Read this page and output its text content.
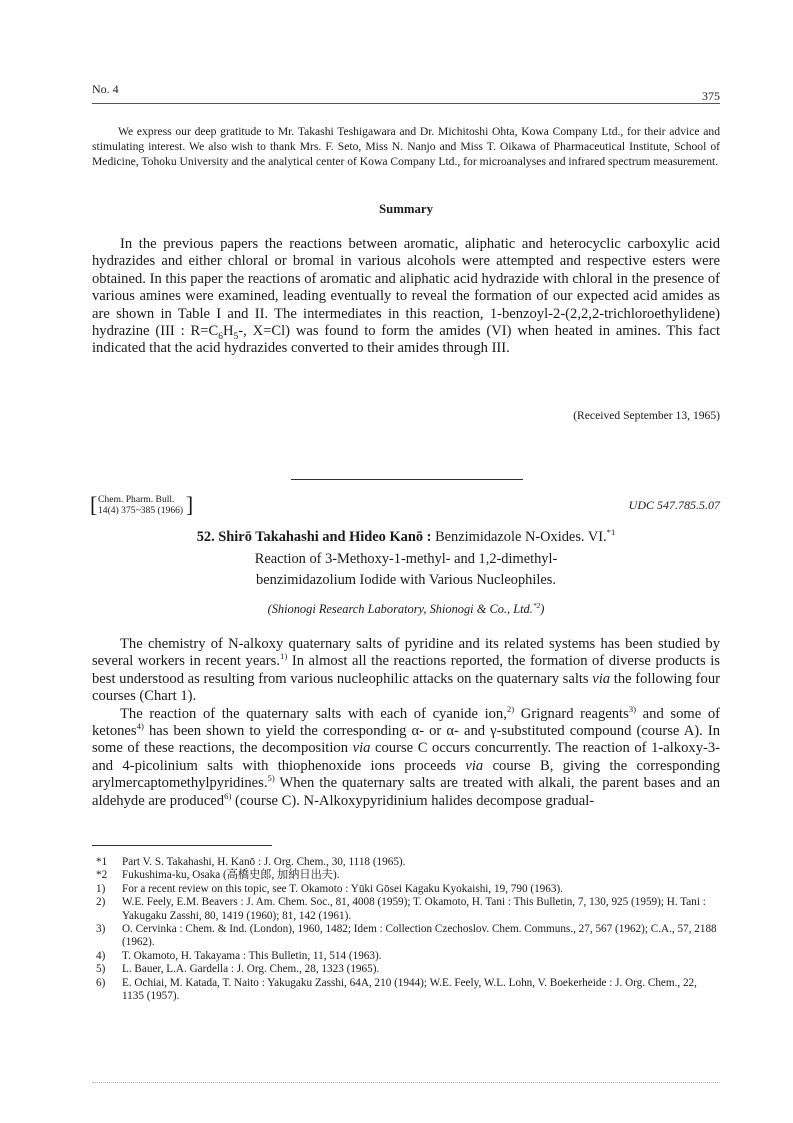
No. 4	375
We express our deep gratitude to Mr. Takashi Teshigawara and Dr. Michitoshi Ohta, Kowa Company Ltd., for their advice and stimulating interest. We also wish to thank Mrs. F. Seto, Miss N. Nanjo and Miss T. Oikawa of Pharmaceutical Institute, School of Medicine, Tohoku University and the analytical center of Kowa Company Ltd., for microanalyses and infrared spectrum measurement.
Summary
In the previous papers the reactions between aromatic, aliphatic and heterocyclic carboxylic acid hydrazides and either chloral or bromal in various alcohols were attempted and respective esters were obtained. In this paper the reactions of aromatic and aliphatic acid hydrazide with chloral in the presence of various amines were examined, leading eventually to reveal the formation of our expected acid amides as are shown in Table I and II. The intermediates in this reaction, 1-benzoyl-2-(2,2,2-trichloroethylidene) hydrazine (III : $R=C_6H_5-$, X=Cl) was found to form the amides (VI) when heated in amines. This fact indicated that the acid hydrazides converted to their amides through III.
(Received September 13, 1965)
[ Chem. Pharm. Bull.
14(4) 375~385 (1966) ]	UDC 547.785.5.07
52. Shirō Takahashi and Hideo Kanō : Benzimidazole N-Oxides. VI.$^{*1}$
Reaction of 3-Methoxy-1-methyl- and 1,2-dimethyl-
benzimidazolium Iodide with Various Nucleophiles.
(Shionogi Research Laboratory, Shionogi & Co., Ltd.$^{*2}$)

The chemistry of N-alkoxy quaternary salts of pyridine and its related systems has been studied by several workers in recent years.$^{1)}$ In almost all the reactions reported, the formation of diverse products is best understood as resulting from various nucleophilic attacks on the quaternary salts via the following four courses (Chart 1).

The reaction of the quaternary salts with each of cyanide ion,$^{2)}$ Grignard reagents$^{3)}$ and some of ketones$^{4)}$ has been shown to yield the corresponding α- or α- and γ-substituted compound (course A). In some of these reactions, the decomposition via course C occurs concurrently. The reaction of 1-alkoxy-3- and 4-picolinium salts with thiophenoxide ions proceeds via course B, giving the corresponding arylmercaptomethylpyridines.$^{5)}$ When the quaternary salts are treated with alkali, the parent bases and an aldehyde are produced$^{6)}$ (course C). N-Alkoxypyridinium halides decompose gradual-

*1	Part V. S. Takahashi, H. Kanō : J. Org. Chem., 30, 1118 (1965).
*2	Fukushima-ku, Osaka (高橋史郎, 加納日出夫).
1)	For a recent review on this topic, see T. Okamoto : Yūki Gōsei Kagaku Kyokaishi, 19, 790 (1963).
2)	W.E. Feely, E.M. Beavers : J. Am. Chem. Soc., 81, 4008 (1959); T. Okamoto, H. Tani : This Bulletin, 7, 130, 925 (1959); H. Tani : Yakugaku Zasshi, 80, 1419 (1960); 81, 142 (1961).
3)	O. Cervinka : Chem. & Ind. (London), 1960, 1482; Idem : Collection Czechoslov. Chem. Communs., 27, 567 (1962); C.A., 57, 2188 (1962).
4)	T. Okamoto, H. Takayama : This Bulletin, 11, 514 (1963).
5)	L. Bauer, L.A. Gardella : J. Org. Chem., 28, 1323 (1965).
6)	E. Ochiai, M. Katada, T. Naito : Yakugaku Zasshi, 64A, 210 (1944); W.E. Feely, W.L. Lohn, V. Boekerheide : J. Org. Chem., 22, 1135 (1957).
